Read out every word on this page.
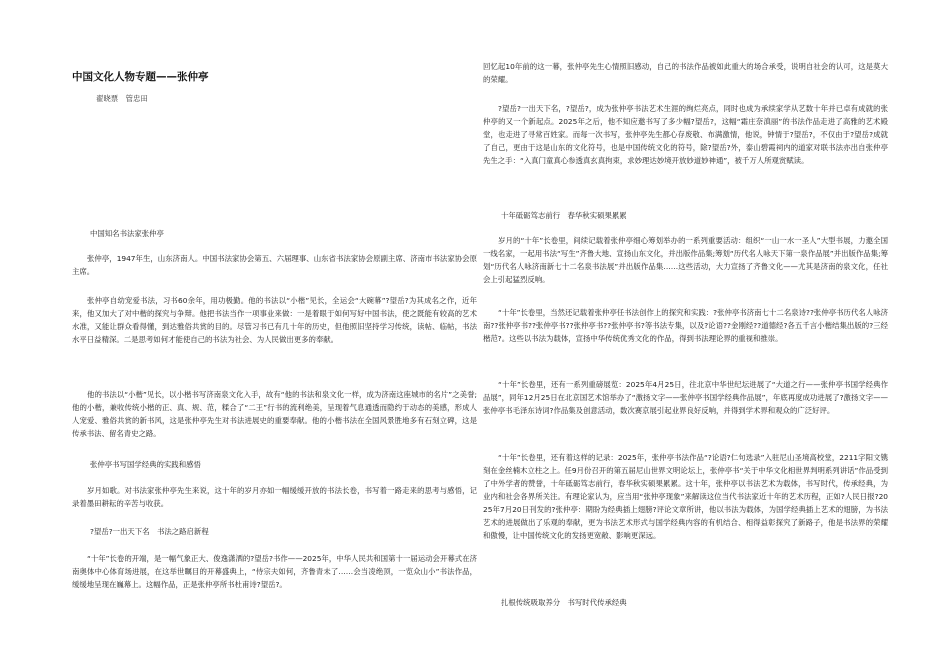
中国文化人物专题——张仲亭
翟晓票　管忠田

中国知名书法家张仲亭

张仲亭，1947年生，山东济南人。中国书法家协会第五、六届理事、山东省书法家协会原副主席、济南市书法家协会原主席。

张仲亭自幼宠爱书法，习书60余年，用功极勤。他的书法以“小楷”见长，全运会“大碗幕”?望岳?为其成名之作，近年来，他又加大了对中楷的探究与争辩。他把书法当作一项事业来做：一是着眼于如何写好中国书法，使之既能有较高的艺术水准，又能让群众看得懂，到达雅俗共赏的目的。尽管习书已有几十年的历史，但他照旧坚持学习传统，读帖、临帖，书法水平日益精深。二是思考如何才能使自己的书法为社会、为人民做出更多的奉献。

他的书法以“小楷”见长，以小楷书写济南泉文化入手，故有“他的书法和泉文化一样，成为济南这座城市的名片”之美誉;他的小楷，兼收传统小楷的正、真、规、范，糅合了“二王”行书的流利绝美，呈现着气息通透而隐约于动态的美感，形成人人宠爱、雅俗共赏的新书风，这是张仲亭先生对书法进展史的重要奉献。他的小楷书法在全国风景胜地多有石刻立碑，这是传承书法、留名青史之路。

张仲亭书写国学经典的实践和感悟

岁月如歌。对书法家张仲亭先生来说，这十年的岁月亦如一幅缓缓开放的书法长卷，书写着一路走来的思考与感悟，记录着墨田耕耘的辛苦与收获。

?望岳?一出天下名　书法之路启新程

“十年”长卷的开端，是一幅气象正大、俊逸潇洒的?望岳?书作——2025年，中华人民共和国第十一届运动会开幕式在济南奥体中心体育场进展，在这举世瞩目的开幕盛典上，“侍宗夫如何，齐鲁青未了……会当凌绝顶，一览众山小”书法作品，缓缓地呈现在巍幕上。这幅作品，正是张仲亭所书杜甫诗?望岳?。

回忆起10年前的这一幕，张仲亭先生心情照旧感动，自己的书法作品被如此重大的场合承受，说明自社会的认可，这是莫大的荣耀。

?望岳?一出天下名，?望岳?，成为张仲亭书法艺术生涯的绚烂亮点，同时也成为承续家学从艺数十年并已卓有成就的张仲亭的又一个新起点。2025年之后，他不知应邀书写了多少幅?望岳?，这幅“霜庄奈滇丽”的书法作品走进了高雅的艺术殿堂，也走进了寻常百姓家。而每一次书写，张仲亭先生都心存废敬、布满激情，他说，钟情于?望岳?，不仅由于?望岳?成就了自己，更由于这是山东的文化符号，也是中国传统文化的符号，除?望岳?外，泰山碧霞祠内的道家对联书法亦出自张仲亭先生之手：“入真门童真心参透真玄真拘束，求妙理达妙境开放妙道妙神通”，被千万人所观赏赋读。

十年砥砺笃志前行　春华秋实硕果累累

岁月的“十年”长卷里，间续记载着张仲亭细心筹划举办的一系列重要活动：组织“一山一水一圣人”大型书展，力邀全国一线名家，一起用书法“写生”齐鲁大地、宣扬山东文化，并出版作品集;筹划“历代名人咏天下第一泉作品展”并出版作品集;筹划“历代名人咏济南新七十二名泉书法展”并出版作品集……这些活动，大力宣扬了齐鲁文化——尤其是济南的泉文化，任社会上引起猛烈反响。

“十年”长卷里，当然还记载着张仲亭任书法创作上的探究和实践：?张仲亭书济南七十二名泉诗??张仲亭书历代名人咏济南??张仲亭书??张仲亭书??张仲亭书??张仲亭书?等书法专集，以及?论语??金刚经??道德经?各五千言小楷结集出版的?三经楷范?。这些以书法为载体，宣扬中华传统优秀文化的作品，得到书法理论界的重视和推崇。

“十年”长卷里，还有一系列重磅展览：2025年4月25日，往北京中华世纪坛进展了“大道之行——张仲亭书国学经典作品展”，同年12月25日在北京国艺术馆举办了“激扬文字——张仲亭书国学经典作品展”，年底再度成功进展了?激扬文字——张仲亭书毛泽东诗词?作品集及创意活动，数次赛京展引起业界良好反响，并得到学术界和观众的广泛好评。

“十年”长卷里，还有着这样的记录：2025年，张仲亭书法作品“?论语?仁句选录”入驻尼山圣境高校堂，2211字阳文镌刻在金丝楠木立柱之上。任9月份召开的第五届尼山世界文明论坛上，张仲亭书“关于中华文化相世界判明系列讲话”作品受到了中外学者的赞誉，十年砥砺笃志前行，春华秋实硕果累累。这十年，张仲亭以书法艺术为载体，书写时代，传承经典，为业内和社会各界所关注。有理论家认为，应当用“张仲亭现象”来解读这位当代书法家近十年的艺术历程，正如?人民日报?2025年7月20日刊发的?张仲亭：期盼为经典插上翅膀?评论文章所讲，他以书法为载体，为国学经典插上艺术的翅膀，为书法艺术的进展做出了乐观的奉献，更为书法艺术形式与国学经典内容的有机结合、相得益彰探究了新路子，他是书法界的荣耀和傲慢，让中国传统文化的发扬更宽敞、影响更深远。

扎根传统吸取养分　书写时代传承经典
